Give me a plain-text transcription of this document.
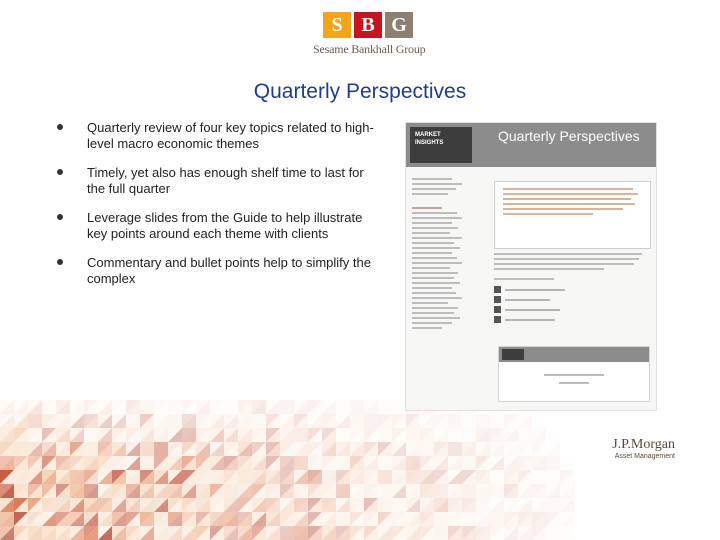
S B G
Sesame Bankhall Group
Quarterly Perspectives
Quarterly review of four key topics related to high-level macro economic themes
Timely, yet also has enough shelf time to last for the full quarter
Leverage slides from the Guide to help illustrate key points around each theme with clients
Commentary and bullet points help to simplify the complex
MARKET INSIGHTS	Quarterly Perspectives
J.P.Morgan
Asset Management
